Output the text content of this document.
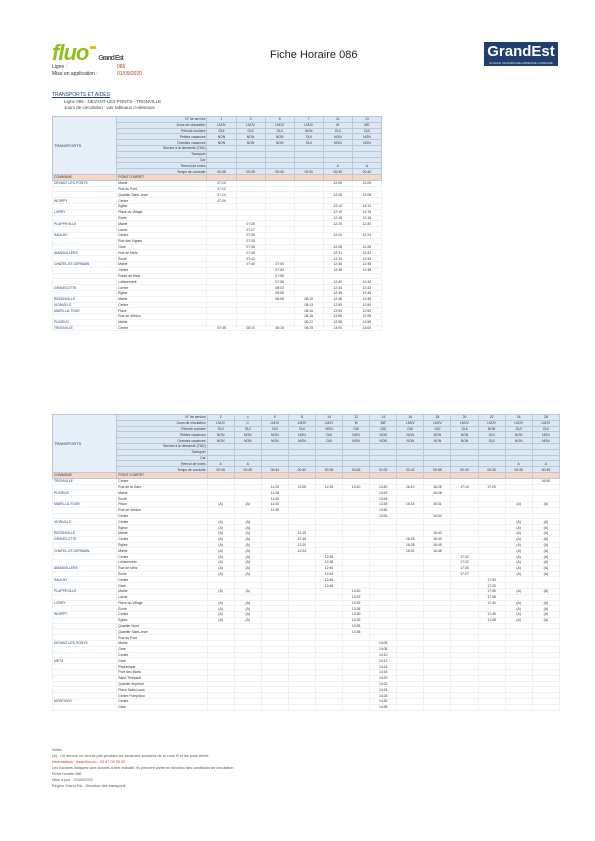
fluo Grand Est	Fiche Horaire 086	GrandEst
ALSACE CHAMPAGNE-ARDENNE LORRAINE
Ligne :	086
Mise en application :	01/09/2020
TRANSPORTS ET AIDES
Ligne 086 : DEVANT-LES-PONTS - TRONVILLE
Jours de circulation : voir tableaux ci-dessous
TRANSPORTS	N° de service	1	3	5	7	11	13
	Jours de circulation	LMJV	LMJV	LMJV	LMJV	M	ME
	Période scolaire	OUI	OUI	OUI	NON	OUI	OUI
	Petites vacances	NON	NON	NON	OUI	NON	NON
	Grandes vacances	NON	NON	NON	OUI	NON	NON
	Service à la demande (TAD)						
	Transport						
	Car						
	Renvoi de notes					A	A
	Temps de conduite	00:35	00:35	00:40	00:30	00:35	00:40
COMMUNE	POINT D'ARRÊT						
DEVANT-LES-PONTS	Mairie	07:10				12:05	12:05
	Rue du Pont	07:12					
	Quartier Saint-Jean	07:14				12:08	12:08
WOIPPY	Centre	07:20					
	Église					12:12	12:12
LORRY	Place du Village					12:15	12:15
	École					12:18	12:18
PLAPPEVILLE	Mairie		07:25			12:20	12:20
	Lavoir		07:27				
SAULNY	Centre		07:30			12:24	12:24
	Rue des Vignes		07:33				
	Gare		07:35			12:28	12:28
AMANVILLERS	Rue de Metz		07:40			12:31	12:31
	École		07:42			12:33	12:33
CHATEL-ST-GERMAIN	Mairie		07:45	07:50		12:35	12:35
	Centre			07:53		12:38	12:38
	Route de Metz			07:55			
	Lotissement			07:58		12:40	12:40
GRAVELOTTE	Centre			08:02		12:43	12:43
	Église			08:05		12:45	12:45
REZONVILLE	Mairie			08:08	08:10	12:48	12:48
VIONVILLE	Centre				08:13	12:50	12:50
MARS-LA-TOUR	Place				08:16	12:53	12:53
	Rue de Verdun				08:18	12:55	12:55
PUXIEUX	Mairie				08:22	12:58	12:58
TRONVILLE	Centre	07:45	08:10	08:15	08:25	13:00	13:00
TRANSPORTS	N° de service	2	4	6	8	10	12	14	16	18	20	22	24	26
	Jours de circulation	LMJV	C	LMJV	LMJV	LMJV	M	ME	LMJV	LMJV	LMJV	LMJV	LMJV	LMJV
	Période scolaire	OUI	OUI	OUI	OUI	NON	OUI	OUI	OUI	OUI	OUI	NON	OUI	OUI
	Petites vacances	NON	NON	NON	NON	OUI	NON	NON	NON	NON	NON	OUI	NON	NON
	Grandes vacances	NON	NON	NON	NON	OUI	NON	NON	NON	NON	NON	OUI	NON	NON
	Service à la demande (TAD)													
	Transport													
	Car													
	Renvoi de notes	A	A										A	A
	Temps de conduite	00:45	00:45	00:44	00:40	00:35	00:45	01:00	00:42	00:55	00:40	00:35	00:45	00:45
COMMUNE	POINT D'ARRÊT													
TRONVILLE	Centre													16:50
	Rue de la Gare			11:25	12:05	12:25	13:10	13:40	16:10	16:25	17:10	17:20		
PUXIEUX	Mairie			11:28				13:43		16:28				
	École			11:30				13:45						
MARS-LA-TOUR	Place	(A)	(A)	11:33				13:48	16:15	16:31			(A)	(A)
	Rue de Verdun			11:35				13:50						
	Centre							13:52		16:34				
VIONVILLE	Centre	(A)	(A)										(A)	(A)
	Église	(A)	(A)										(A)	(A)
REZONVILLE	Mairie	(A)	(A)		12:15					16:40			(A)	(A)
GRAVELOTTE	Centre	(A)	(A)		12:18				16:25	16:43			(A)	(A)
	Église	(A)	(A)		12:20				16:28	16:45			(A)	(A)
CHATEL-ST-GERMAIN	Mairie	(A)	(A)		12:24				16:31	16:48			(A)	(A)
	Centre	(A)	(A)			12:35					17:20		(A)	(A)
	Lotissement	(A)	(A)			12:38					17:22		(A)	(A)
AMANVILLERS	Rue de Metz	(A)	(A)			12:40					17:25		(A)	(A)
	École	(A)	(A)			12:43					17:27		(A)	(A)
SAULNY	Centre					12:45						17:30		
	Gare					12:48						17:33		
PLAPPEVILLE	Mairie	(A)	(A)				13:20					17:36	(A)	(A)
	Lavoir						13:23					17:38		
LORRY	Place du Village	(A)	(A)				13:25					17:40	(A)	(A)
	École	(A)	(A)				13:28						(A)	(A)
WOIPPY	Centre	(A)	(A)				13:30					17:45	(A)	(A)
	Église	(A)	(A)				13:33					17:48	(A)	(A)
	Quartier Nord						13:35							
	Quartier Saint-Jean						13:38							
	Rue du Pont													
DEVANT-LES-PONTS	Mairie							14:05						
	Gare							14:08						
	Centre							14:10						
METZ	Gare							14:12						
	République							14:15						
	Pont des Morts							14:18						
	Saint-Thiébault							14:20						
	Quartier Impérial							14:22						
	Place Saint-Louis							14:24						
	Centre Pompidou							14:26						
MONTIGNY	Centre							14:30						
	Gare							14:35						
Notes
(A) : Ce service ne circule pas pendant les vacances scolaires de la zone B et les jours fériés.
Informations : www.fluo.eu - 03 87 00 00 00
Les horaires indiqués sont donnés à titre indicatif, ils peuvent varier en fonction des conditions de circulation.
Fiche horaire 086
Mise à jour : 01/09/2020
Région Grand Est - Direction des transports
